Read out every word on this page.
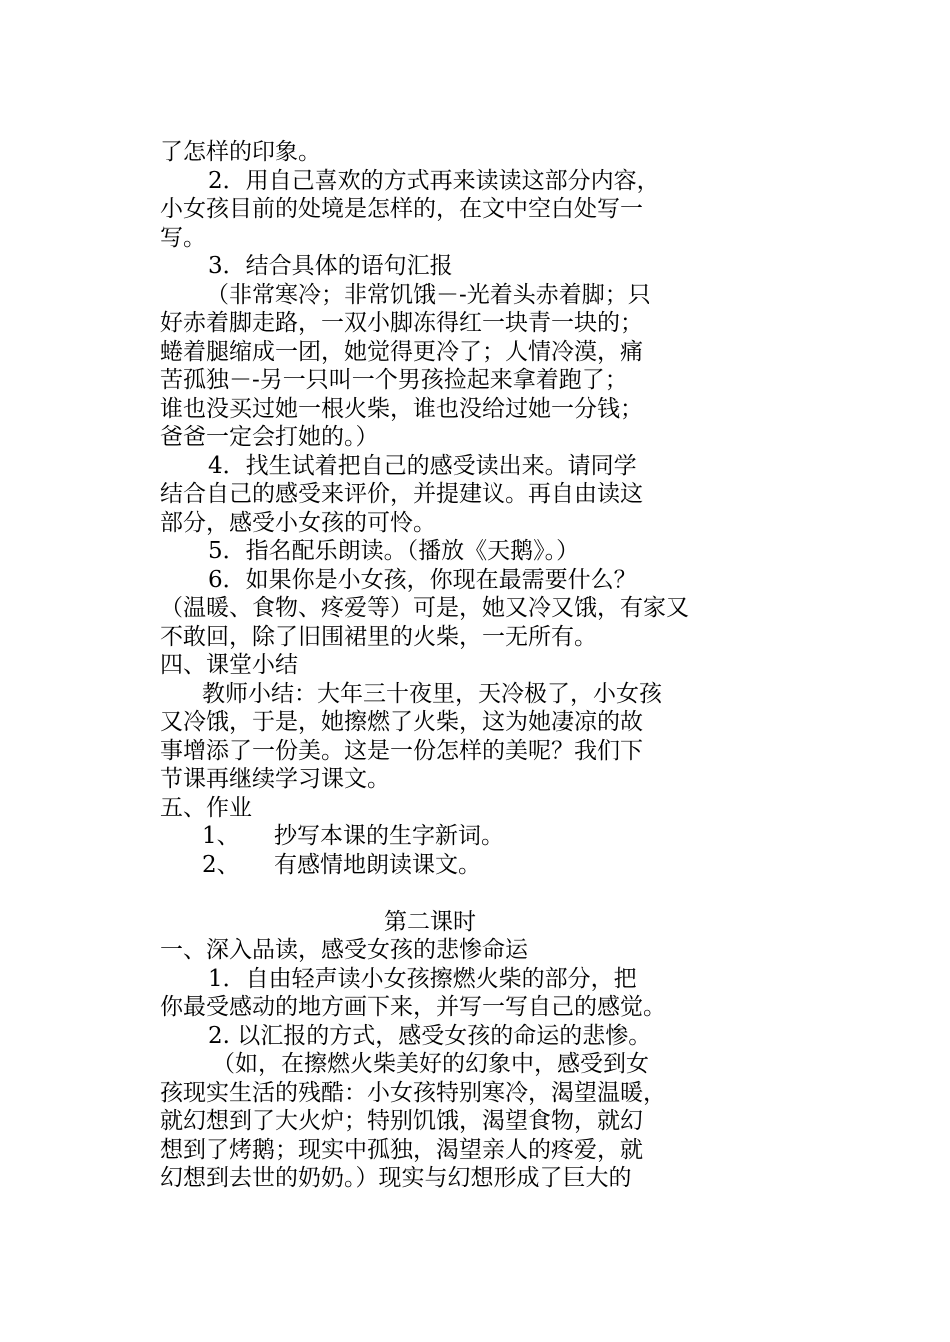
了怎样的印象。
2．用自己喜欢的方式再来读读这部分内容，
小女孩目前的处境是怎样的，在文中空白处写一
写。
3．结合具体的语句汇报
（非常寒冷；非常饥饿－-光着头赤着脚；只
好赤着脚走路，一双小脚冻得红一块青一块的；
蜷着腿缩成一团，她觉得更冷了；人情冷漠，痛
苦孤独－-另一只叫一个男孩捡起来拿着跑了；
谁也没买过她一根火柴，谁也没给过她一分钱；
爸爸一定会打她的。）
4．找生试着把自己的感受读出来。请同学
结合自己的感受来评价，并提建议。再自由读这
部分，感受小女孩的可怜。
5．指名配乐朗读。（播放《天鹅》。）
6．如果你是小女孩，你现在最需要什么？
（温暖、食物、疼爱等）可是，她又冷又饿，有家又
不敢回，除了旧围裙里的火柴，一无所有。
四、课堂小结
教师小结：大年三十夜里，天冷极了，小女孩
又冷饿，于是，她擦燃了火柴，这为她凄凉的故
事增添了一份美。这是一份怎样的美呢？我们下
节课再继续学习课文。
五、作业
1、 抄写本课的生字新词。
2、 有感情地朗读课文。
第二课时
一、深入品读，感受女孩的悲惨命运
1．自由轻声读小女孩擦燃火柴的部分，把
你最受感动的地方画下来，并写一写自己的感觉。
2. 以汇报的方式，感受女孩的命运的悲惨。
（如，在擦燃火柴美好的幻象中，感受到女
孩现实生活的残酷：小女孩特别寒冷，渴望温暖，
就幻想到了大火炉；特别饥饿，渴望食物，就幻
想到了烤鹅；现实中孤独，渴望亲人的疼爱，就
幻想到去世的奶奶。）现实与幻想形成了巨大的
